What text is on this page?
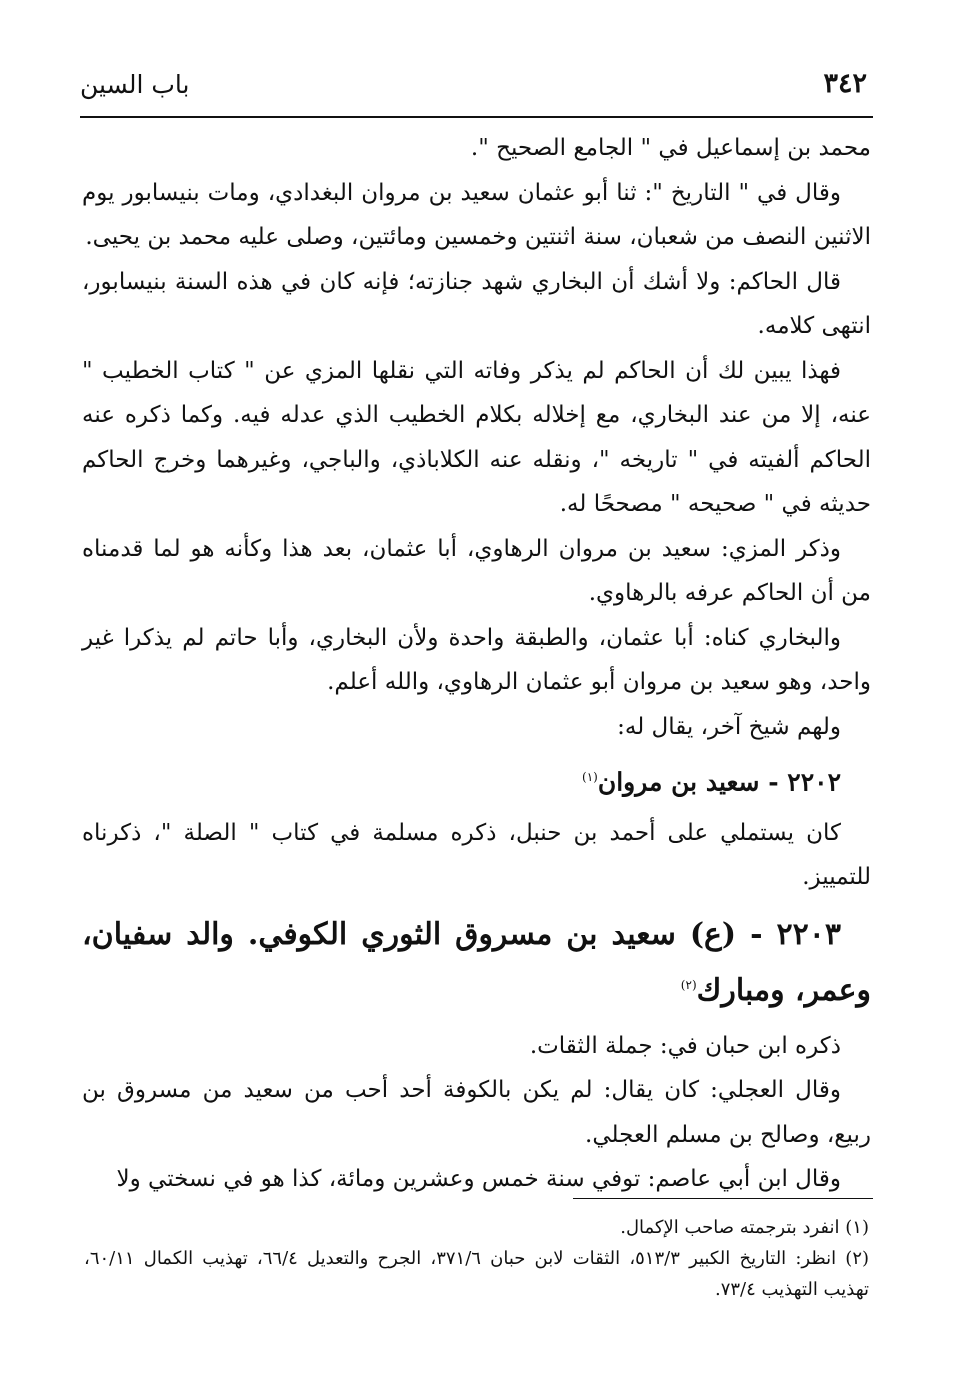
٣٤٢
باب السين

محمد بن إسماعيل في " الجامع الصحيح ".

وقال في " التاريخ ": ثنا أبو عثمان سعيد بن مروان البغدادي، ومات بنيسابور يوم الاثنين النصف من شعبان، سنة اثنتين وخمسين ومائتين، وصلى عليه محمد بن يحيى.

قال الحاكم: ولا أشك أن البخاري شهد جنازته؛ فإنه كان في هذه السنة بنيسابور، انتهى كلامه.

فهذا يبين لك أن الحاكم لم يذكر وفاته التي نقلها المزي عن " كتاب الخطيب " عنه، إلا من عند البخاري، مع إخلاله بكلام الخطيب الذي عدله فيه. وكما ذكره عنه الحاكم ألفيته في " تاريخه "، ونقله عنه الكلاباذي، والباجي، وغيرهما وخرج الحاكم حديثه في " صحيحه " مصححًا له.

وذكر المزي: سعيد بن مروان الرهاوي، أبا عثمان، بعد هذا وكأنه هو لما قدمناه من أن الحاكم عرفه بالرهاوي.

والبخاري كناه: أبا عثمان، والطبقة واحدة ولأن البخاري، وأبا حاتم لم يذكرا غير واحد، وهو سعيد بن مروان أبو عثمان الرهاوي، والله أعلم.

ولهم شيخ آخر، يقال له:

٢٢٠٢ - سعيد بن مروان$^{(١)}$

كان يستملي على أحمد بن حنبل، ذكره مسلمة في كتاب " الصلة "، ذكرناه للتمييز.

٢٢٠٣ - (ع) سعيد بن مسروق الثوري الكوفي. والد سفيان، وعمر، ومبارك$^{(٢)}$

ذكره ابن حبان في: جملة الثقات.

وقال العجلي: كان يقال: لم يكن بالكوفة أحد أحب من سعيد من مسروق بن ربيع، وصالح بن مسلم العجلي.

وقال ابن أبي عاصم: توفي سنة خمس وعشرين ومائة، كذا هو في نسختي ولا

(١) انفرد بترجمته صاحب الإكمال.

(٢) انظر: التاريخ الكبير ٥١٣/٣، الثقات لابن حبان ٣٧١/٦، الجرح والتعديل ٦٦/٤، تهذيب الكمال ٦٠/١١، تهذيب التهذيب ٧٣/٤.
